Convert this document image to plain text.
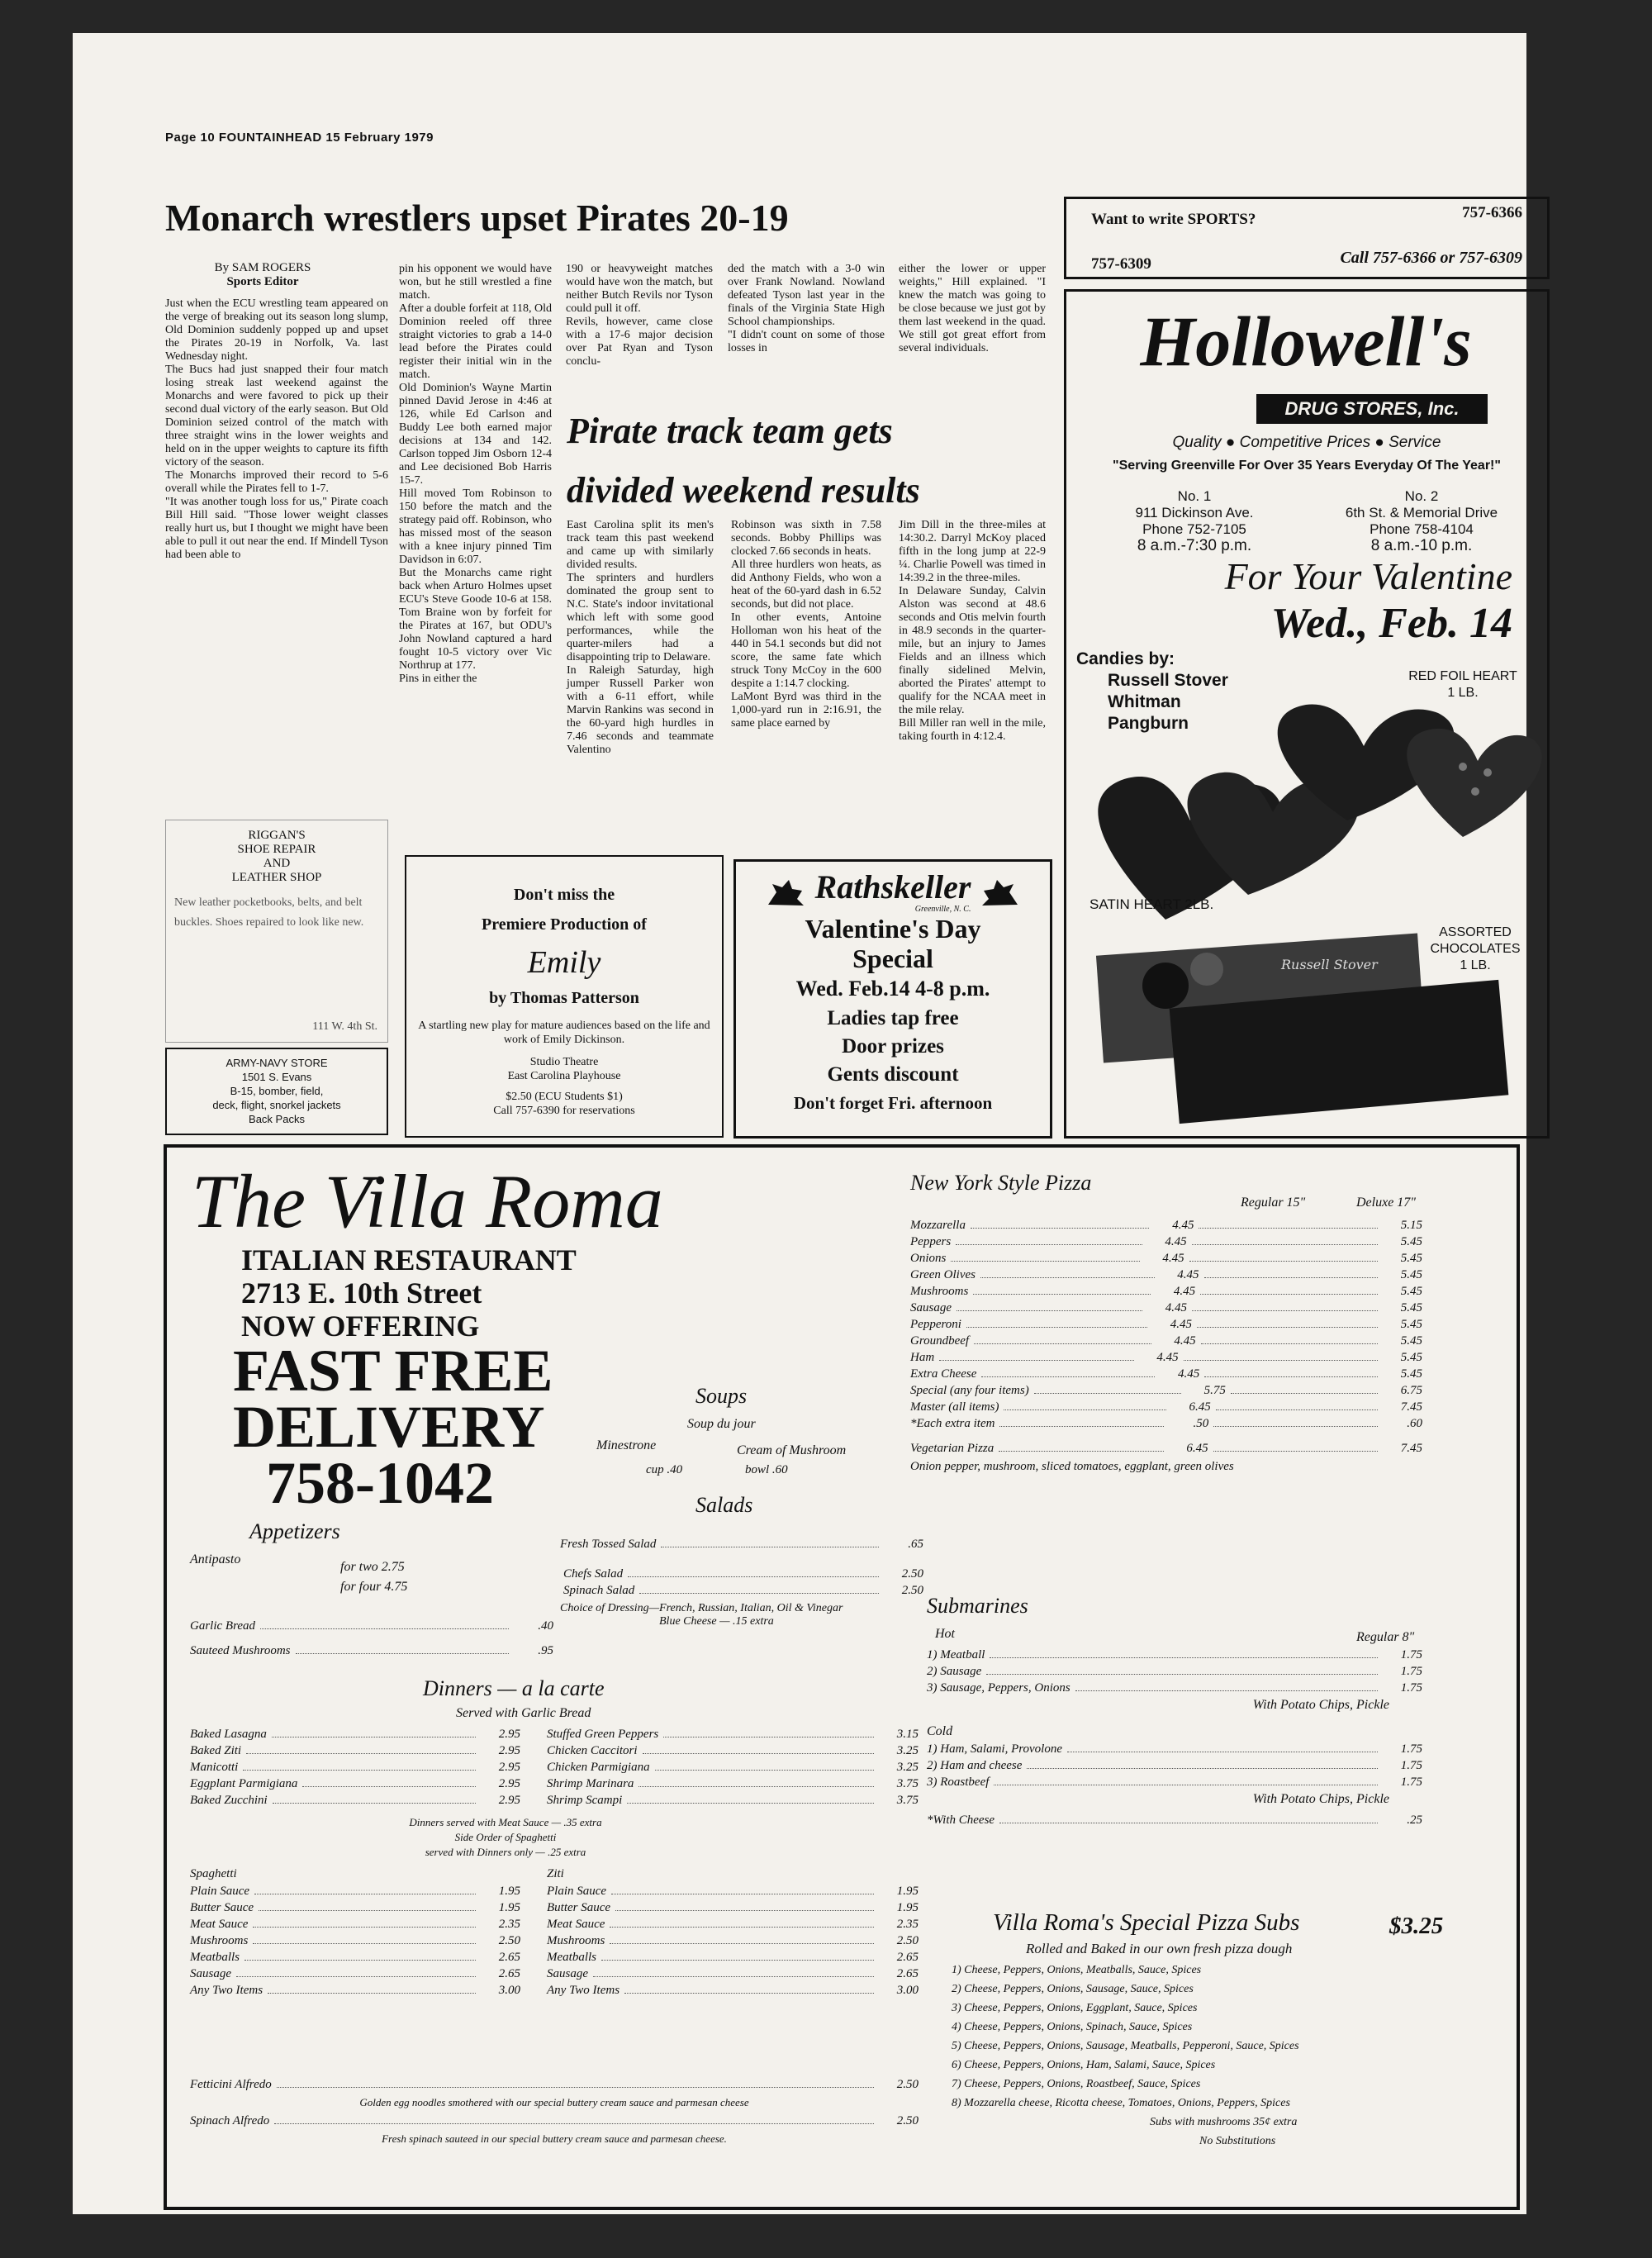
Page 10 FOUNTAINHEAD 15 February 1979
Monarch wrestlers upset Pirates 20-19
By SAM ROGERS
Sports Editor

Just when the ECU wrestling team appeared on the verge of breaking out its season long slump, Old Dominion suddenly popped up and upset the Pirates 20-19 in Norfolk, Va. last Wednesday night.
The Bucs had just snapped their four match losing streak last weekend against the Monarchs and were favored to pick up their second dual victory of the early season. But Old Dominion seized control of the match with three straight wins in the lower weights and held on in the upper weights to capture its fifth victory of the season.
The Monarchs improved their record to 5-6 overall while the Pirates fell to 1-7.
"It was another tough loss for us," Pirate coach Bill Hill said. "Those lower weight classes really hurt us, but I thought we might have been able to pull it out near the end. If Mindell Tyson had been able to

pin his opponent we would have won, but he still wrestled a fine match.
After a double forfeit at 118, Old Dominion reeled off three straight victories to grab a 14-0 lead before the Pirates could register their initial win in the match.
Old Dominion's Wayne Martin pinned David Jerose in 4:46 at 126, while Ed Carlson and Buddy Lee both earned major decisions at 134 and 142. Carlson topped Jim Osborn 12-4 and Lee decisioned Bob Harris 15-7.
Hill moved Tom Robinson to 150 before the match and the strategy paid off. Robinson, who has missed most of the season with a knee injury pinned Tim Davidson in 6:07.
But the Monarchs came right back when Arturo Holmes upset ECU's Steve Goode 10-6 at 158. Tom Braine won by forfeit for the Pirates at 167, but ODU's John Nowland captured a hard fought 10-5 victory over Vic Northrup at 177.
Pins in either the

190 or heavyweight matches would have won the match, but neither Butch Revils nor Tyson could pull it off.
Revils, however, came close with a 17-6 major decision over Pat Ryan and Tyson conclu-

ded the match with a 3-0 win over Frank Nowland. Nowland defeated Tyson last year in the finals of the Virginia State High School championships.
"I didn't count on some of those losses in

either the lower or upper weights," Hill explained. "I knew the match was going to be close because we just got by them last weekend in the quad. We still got great effort from several individuals.

Pirate track team gets
divided weekend results

East Carolina split its men's track team this past weekend and came up with similarly divided results.
The sprinters and hurdlers dominated the group sent to N.C. State's indoor invitational which left with some good performances, while the quarter-milers had a disappointing trip to Delaware.
In Raleigh Saturday, high jumper Russell Parker won with a 6-11 effort, while Marvin Rankins was second in the 60-yard high hurdles in 7.46 seconds and teammate Valentino

Robinson was sixth in 7.58 seconds. Bobby Phillips was clocked 7.66 seconds in heats.
All three hurdlers won heats, as did Anthony Fields, who won a heat of the 60-yard dash in 6.52 seconds, but did not place.
In other events, Antoine Holloman won his heat of the 440 in 54.1 seconds but did not score, the same fate which struck Tony McCoy in the 600 despite a 1:14.7 clocking.
LaMont Byrd was third in the 1,000-yard run in 2:16.91, the same place earned by

Jim Dill in the three-miles at 14:30.2. Darryl McKoy placed fifth in the long jump at 22-9 ¼. Charlie Powell was timed in 14:39.2 in the three-miles.
In Delaware Sunday, Calvin Alston was second at 48.6 seconds and Otis melvin fourth in 48.9 seconds in the quarter-mile, but an injury to James Fields and an illness which finally sidelined Melvin, aborted the Pirates' attempt to qualify for the NCAA meet in the mile relay.
Bill Miller ran well in the mile, taking fourth in 4:12.4.

Want to write SPORTS?	757-6366
757-6309	Call 757-6366 or 757-6309
Hollowell's
DRUG STORES, Inc.
Quality ● Competitive Prices ● Service
"Serving Greenville For Over 35 Years Everyday Of The Year!"
No. 1
911 Dickinson Ave.
Phone 752-7105
8 a.m.-7:30 p.m.
No. 2
6th St. & Memorial Drive
Phone 758-4104
8 a.m.-10 p.m.
For Your Valentine
Wed., Feb. 14
Candies by:
Russell Stover
Whitman
Pangburn
RED FOIL HEART
1 LB.
Russell Stover
SATIN HEART 2LB.
ASSORTED
CHOCOLATES
1 LB.
RIGGAN'S
SHOE REPAIR
AND
LEATHER SHOP
New leather pocketbooks, belts, and belt buckles. Shoes repaired to look like new.
111 W. 4th St.
ARMY-NAVY STORE
1501 S. Evans
B-15, bomber, field,
deck, flight, snorkel jackets
Back Packs
Don't miss the
Premiere Production of
Emily
by Thomas Patterson
A startling new play for mature audiences based on the life and work of Emily Dickinson.
Studio Theatre
East Carolina Playhouse
$2.50 (ECU Students $1)
Call 757-6390 for reservations
Rathskeller
Greenville, N. C.
Valentine's Day
Special
Wed. Feb.14 4-8 p.m.
Ladies tap free
Door prizes
Gents discount
Don't forget Fri. afternoon
The Villa Roma
ITALIAN RESTAURANT
2713 E. 10th Street
NOW OFFERING
FAST FREE
DELIVERY
758-1042
Appetizers
Antipasto
for two 2.75
for four 4.75
Garlic Bread	.40
Sauteed Mushrooms	.95
Soups
Soup du jour
Minestrone	Cream of Mushroom
cup .40	bowl .60
Salads
Fresh Tossed Salad	.65
Chefs Salad	2.50
Spinach Salad	2.50
Choice of Dressing—French, Russian, Italian, Oil & Vinegar
Blue Cheese — .15 extra
Dinners — a la carte
Served with Garlic Bread
Baked Lasagna	2.95
Baked Ziti	2.95
Manicotti	2.95
Eggplant Parmigiana	2.95
Baked Zucchini	2.95
Stuffed Green Peppers	3.15
Chicken Caccitori	3.25
Chicken Parmigiana	3.25
Shrimp Marinara	3.75
Shrimp Scampi	3.75
Dinners served with Meat Sauce — .35 extra
Side Order of Spaghetti
served with Dinners only — .25 extra
Spaghetti
Plain Sauce	1.95
Butter Sauce	1.95
Meat Sauce	2.35
Mushrooms	2.50
Meatballs	2.65
Sausage	2.65
Any Two Items	3.00
Ziti
Plain Sauce	1.95
Butter Sauce	1.95
Meat Sauce	2.35
Mushrooms	2.50
Meatballs	2.65
Sausage	2.65
Any Two Items	3.00
Fetticini Alfredo	2.50
Golden egg noodles smothered with our special buttery cream sauce and parmesan cheese
Spinach Alfredo	2.50
Fresh spinach sauteed in our special buttery cream sauce and parmesan cheese.
New York Style Pizza
Regular 15"	Deluxe 17"
Mozzarella	4.45	5.15
Peppers	4.45	5.45
Onions	4.45	5.45
Green Olives	4.45	5.45
Mushrooms	4.45	5.45
Sausage	4.45	5.45
Pepperoni	4.45	5.45
Groundbeef	4.45	5.45
Ham	4.45	5.45
Extra Cheese	4.45	5.45
Special (any four items)	5.75	6.75
Master (all items)	6.45	7.45
*Each extra item	.50	.60
Vegetarian Pizza	6.45	7.45
Onion pepper, mushroom, sliced tomatoes, eggplant, green olives
Submarines
Hot	Regular 8"
1) Meatball	1.75
2) Sausage	1.75
3) Sausage, Peppers, Onions	1.75
With Potato Chips, Pickle
Cold
1) Ham, Salami, Provolone	1.75
2) Ham and cheese	1.75
3) Roastbeef	1.75
With Potato Chips, Pickle
*With Cheese	.25
Villa Roma's Special Pizza Subs	$3.25
Rolled and Baked in our own fresh pizza dough
1) Cheese, Peppers, Onions, Meatballs, Sauce, Spices
2) Cheese, Peppers, Onions, Sausage, Sauce, Spices
3) Cheese, Peppers, Onions, Eggplant, Sauce, Spices
4) Cheese, Peppers, Onions, Spinach, Sauce, Spices
5) Cheese, Peppers, Onions, Sausage, Meatballs, Pepperoni, Sauce, Spices
6) Cheese, Peppers, Onions, Ham, Salami, Sauce, Spices
7) Cheese, Peppers, Onions, Roastbeef, Sauce, Spices
8) Mozzarella cheese, Ricotta cheese, Tomatoes, Onions, Peppers, Spices
Subs with mushrooms 35¢ extra
No Substitutions
